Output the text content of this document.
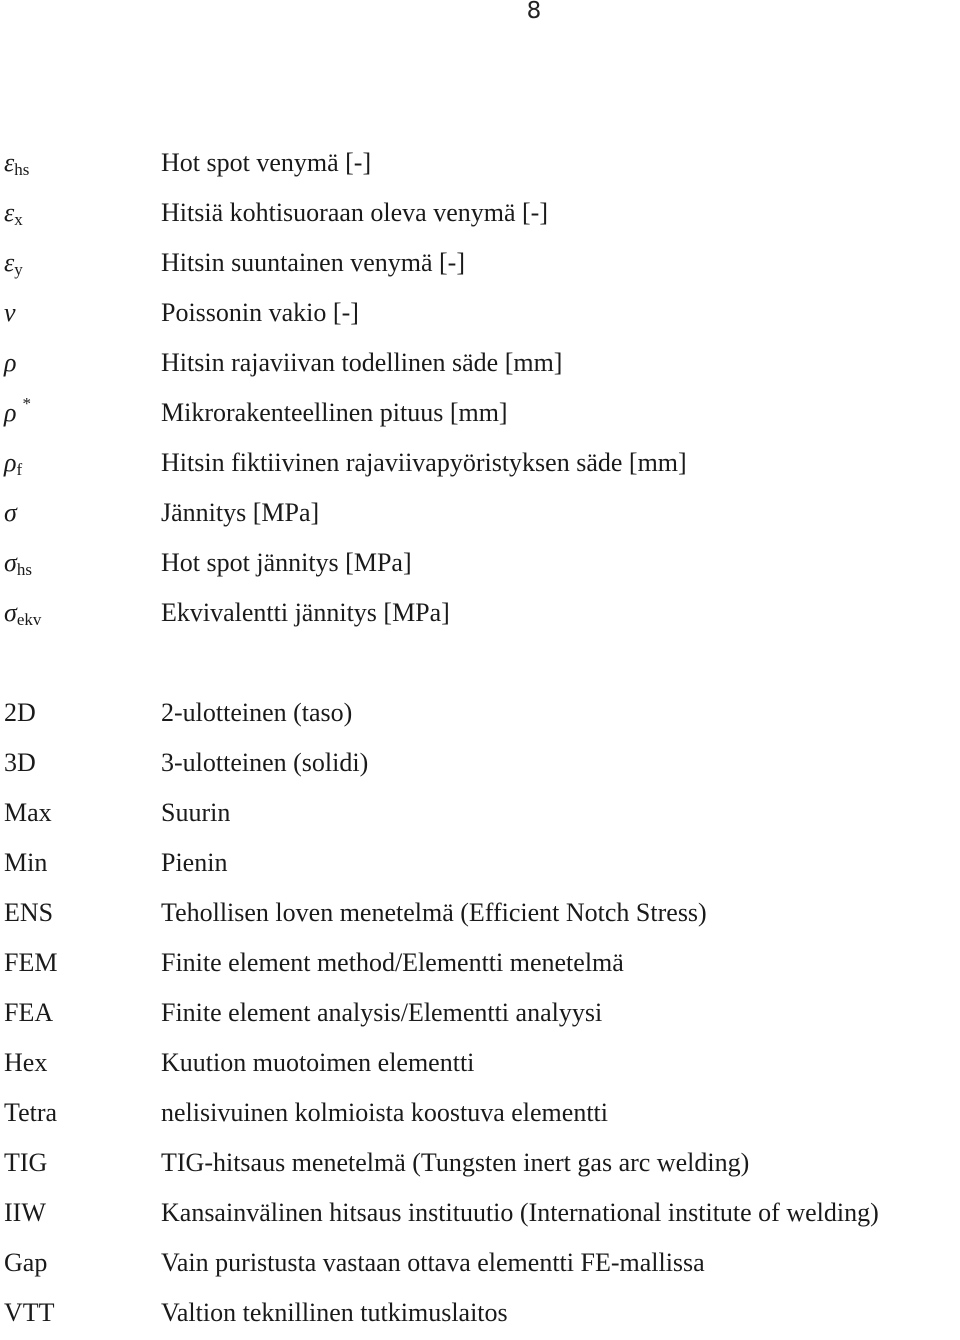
8
$\varepsilon_{hs}$	Hot spot venymä [-]
$\varepsilon_x$	Hitsiä kohtisuoraan oleva venymä [-]
$\varepsilon_y$	Hitsin suuntainen venymä [-]
ν	Poissonin vakio [-]
ρ	Hitsin rajaviivan todellinen säde [mm]
ρ *	Mikrorakenteellinen pituus [mm]
$\rho_f$	Hitsin fiktiivinen rajaviivapyöristyksen säde [mm]
σ	Jännitys [MPa]
$\sigma_{hs}$	Hot spot jännitys [MPa]
$\sigma_{ekv}$	Ekvivalentti jännitys [MPa]
2D	2-ulotteinen (taso)
3D	3-ulotteinen (solidi)
Max	Suurin
Min	Pienin
ENS	Tehollisen loven menetelmä (Efficient Notch Stress)
FEM	Finite element method/Elementti menetelmä
FEA	Finite element analysis/Elementti analyysi
Hex	Kuution muotoimen elementti
Tetra	nelisivuinen kolmioista koostuva elementti
TIG	TIG-hitsaus menetelmä (Tungsten inert gas arc welding)
IIW	Kansainvälinen hitsaus instituutio (International institute of welding)
Gap	Vain puristusta vastaan ottava elementti FE-mallissa
VTT	Valtion teknillinen tutkimuslaitos
